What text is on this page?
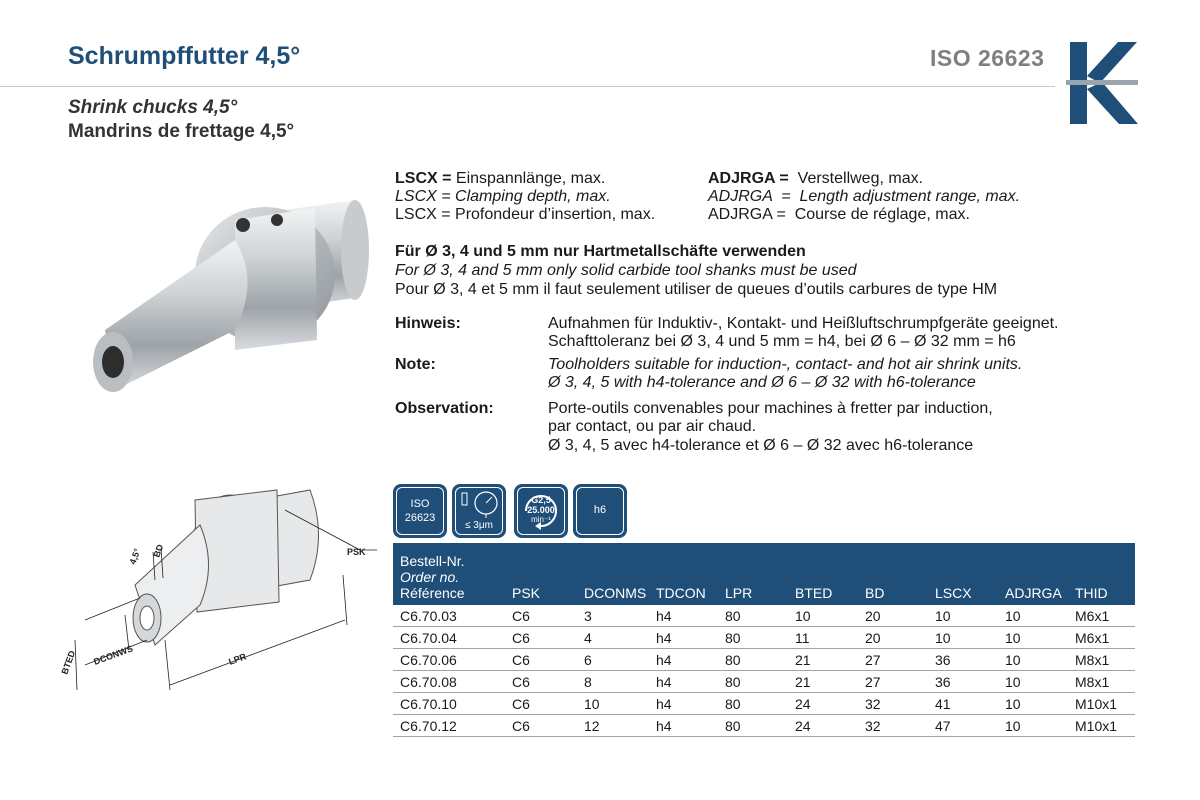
Schrumpffutter 4,5°	ISO 26623
Shrink chucks 4,5°
Mandrins de frettage 4,5°
LSCX = Einspannlänge, max.
LSCX = Clamping depth, max.
LSCX = Profondeur d’insertion, max.
ADJRGA =  Verstellweg, max.
ADJRGA  =  Length adjustment range, max.
ADJRGA =  Course de réglage, max.
Für Ø 3, 4 und 5 mm nur Hartmetallschäfte verwenden
For Ø 3, 4 and 5 mm only solid carbide tool shanks must be used
Pour Ø 3, 4 et 5 mm il faut seulement utiliser de queues d’outils carbures de type HM
Hinweis:	Aufnahmen für Induktiv-, Kontakt- und Heißluftschrumpfgeräte geeignet.
Schafttoleranz bei Ø 3, 4 und 5 mm = h4, bei Ø 6 – Ø 32 mm = h6
Note:	Toolholders suitable for induction-, contact- and hot air shrink units.
Ø 3, 4, 5 with h4-tolerance and Ø 6 – Ø 32 with h6-tolerance
Observation:	Porte-outils convenables pour machines à fretter par induction,
par contact, ou par air chaud.
Ø 3, 4, 5 avec h4-tolerance et Ø 6 – Ø 32 avec h6-tolerance
4,5° BD	PSK
DCONWS
BTED	LPR
ISO
26623
≤ 3μm
G2,5
25.000
min⁻¹
h6
Bestell-Nr.
Order no.
Référence	PSK	DCONMS	TDCON	LPR	BTED	BD	LSCX	ADJRGA	THID
C6.70.03	C6	3	h4	80	10	20	10	10	M6x1
C6.70.04	C6	4	h4	80	11	20	10	10	M6x1
C6.70.06	C6	6	h4	80	21	27	36	10	M8x1
C6.70.08	C6	8	h4	80	21	27	36	10	M8x1
C6.70.10	C6	10	h4	80	24	32	41	10	M10x1
C6.70.12	C6	12	h4	80	24	32	47	10	M10x1
